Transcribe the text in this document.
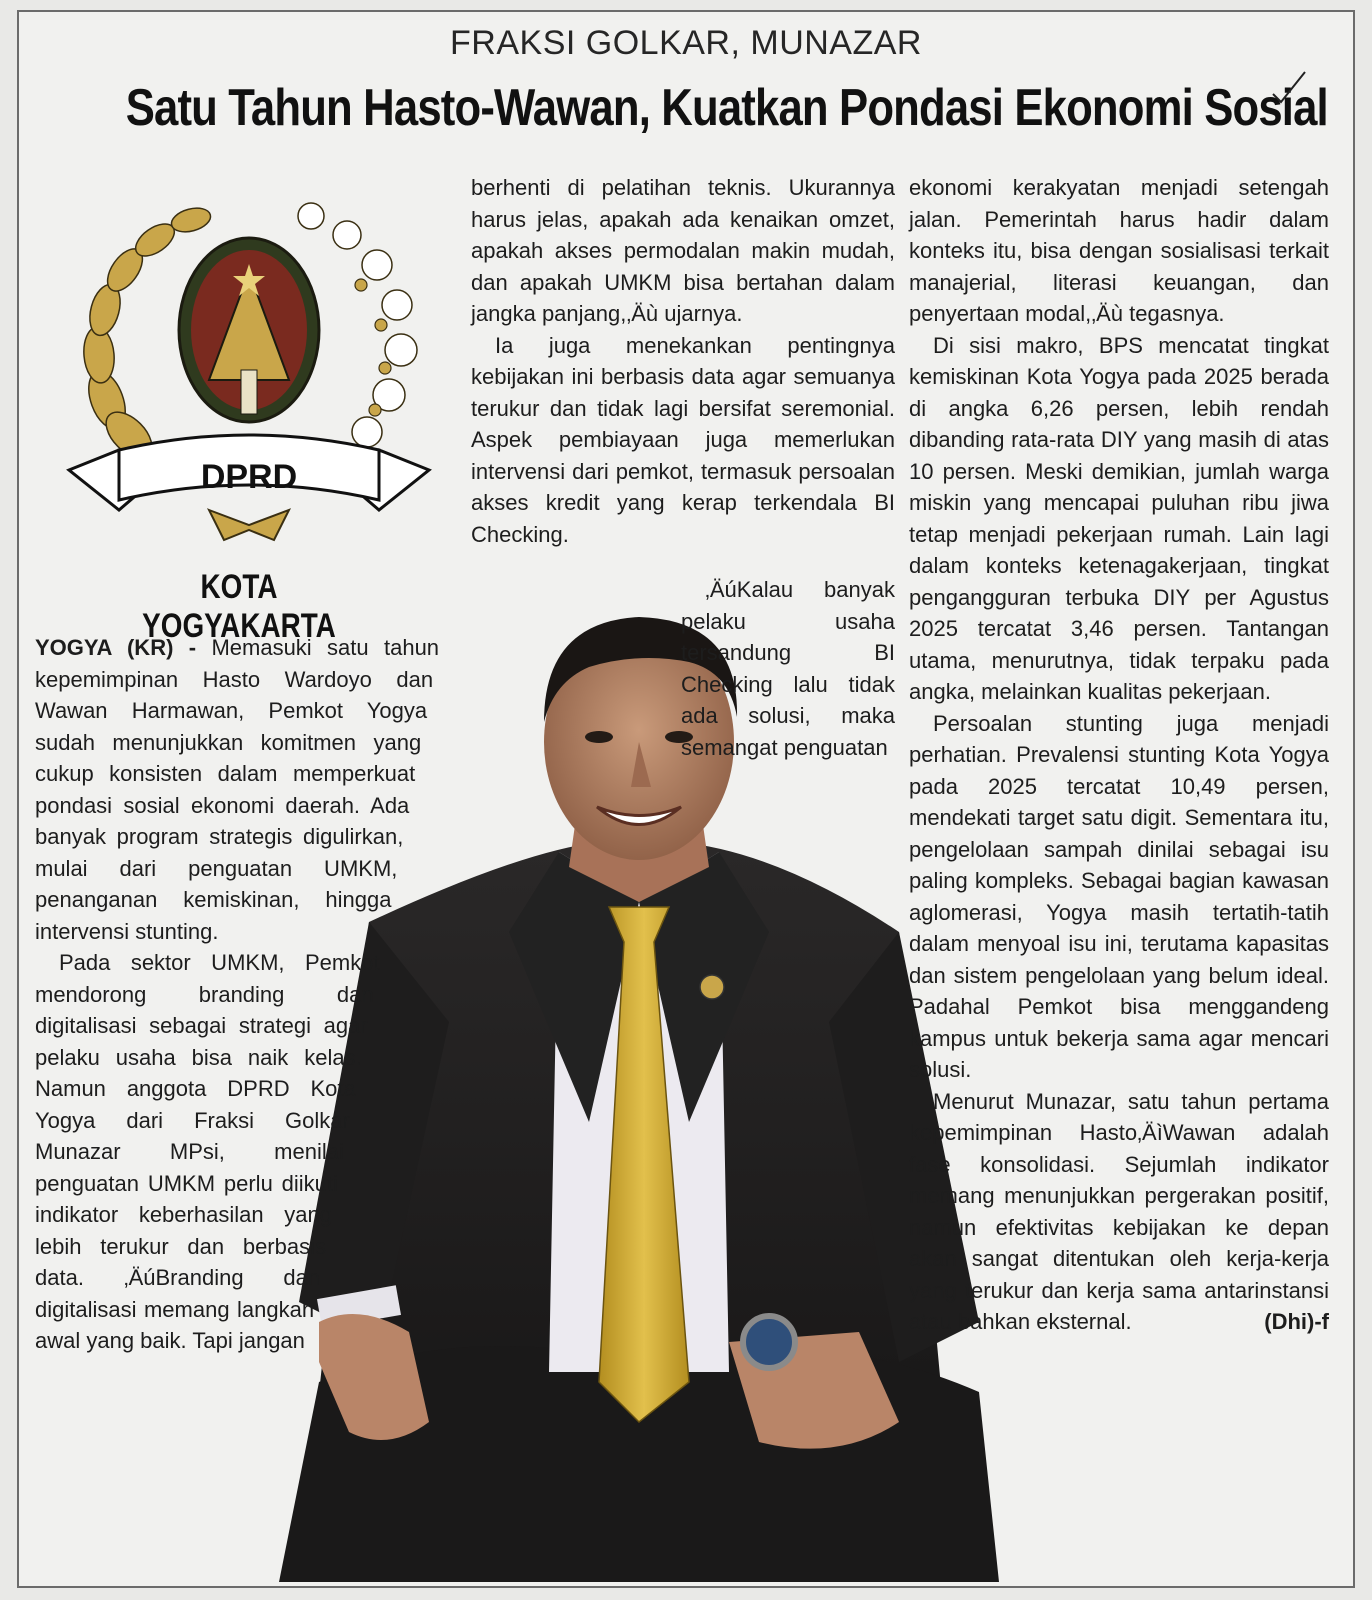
FRAKSI GOLKAR, MUNAZAR
Satu Tahun Hasto-Wawan, Kuatkan Pondasi Ekonomi Sosial
DPRD
KOTA YOGYAKARTA

YOGYA (KR) - Memasuki satu tahun kepemimpinan Hasto Wardoyo dan Wawan Harmawan, Pemkot Yogya sudah menunjukkan komitmen yang cukup konsisten dalam memperkuat pondasi sosial ekonomi daerah. Ada banyak program strategis digulirkan, mulai dari penguatan UMKM, penanganan kemiskinan, hingga intervensi stunting.

Pada sektor UMKM, Pemkot mendorong branding dan digitalisasi sebagai strategi agar pelaku usaha bisa naik kelas. Namun anggota DPRD Kota Yogya dari Fraksi Golkar Munazar MPsi, menilai penguatan UMKM perlu diikuti indikator keberhasilan yang lebih terukur dan berbasis data. ‚ÄúBranding dan digitalisasi memang langkah awal yang baik. Tapi jangan

berhenti di pelatihan teknis. Ukurannya harus jelas, apakah ada kenaikan omzet, apakah akses permodalan makin mudah, dan apakah UMKM bisa bertahan dalam jangka panjang,‚Äù ujarnya.

Ia juga menekankan pentingnya kebijakan ini berbasis data agar semuanya terukur dan tidak lagi bersifat seremonial. Aspek pembiayaan juga memerlukan intervensi dari pemkot, termasuk persoalan akses kredit yang kerap terkendala BI Checking.

‚ÄúKalau banyak pelaku usaha tersandung BI Checking lalu tidak ada solusi, maka semangat penguatan

ekonomi kerakyatan menjadi setengah jalan. Pemerintah harus hadir dalam konteks itu, bisa dengan sosialisasi terkait manajerial, literasi keuangan, dan penyertaan modal,‚Äù tegasnya.

Di sisi makro, BPS mencatat tingkat kemiskinan Kota Yogya pada 2025 berada di angka 6,26 persen, lebih rendah dibanding rata-rata DIY yang masih di atas 10 persen. Meski demikian, jumlah warga miskin yang mencapai puluhan ribu jiwa tetap menjadi pekerjaan rumah. Lain lagi dalam konteks ketenagakerjaan, tingkat pengangguran terbuka DIY per Agustus 2025 tercatat 3,46 persen. Tantangan utama, menurutnya, tidak terpaku pada angka, melainkan kualitas pekerjaan.

Persoalan stunting juga menjadi perhatian. Prevalensi stunting Kota Yogya pada 2025 tercatat 10,49 persen, mendekati target satu digit. Sementara itu, pengelolaan sampah dinilai sebagai isu paling kompleks. Sebagai bagian kawasan aglomerasi, Yogya masih tertatih-tatih dalam menyoal isu ini, terutama kapasitas dan sistem pengelolaan yang belum ideal. Padahal Pemkot bisa menggandeng kampus untuk bekerja sama agar mencari solusi.

Menurut Munazar, satu tahun pertama kepemimpinan Hasto‚ÄìWawan adalah fase konsolidasi. Sejumlah indikator memang menunjukkan pergerakan positif, namun efektivitas kebijakan ke depan akan sangat ditentukan oleh kerja-kerja yang terukur dan kerja sama antarinstansi atau bahkan eksternal.	(Dhi)-f
